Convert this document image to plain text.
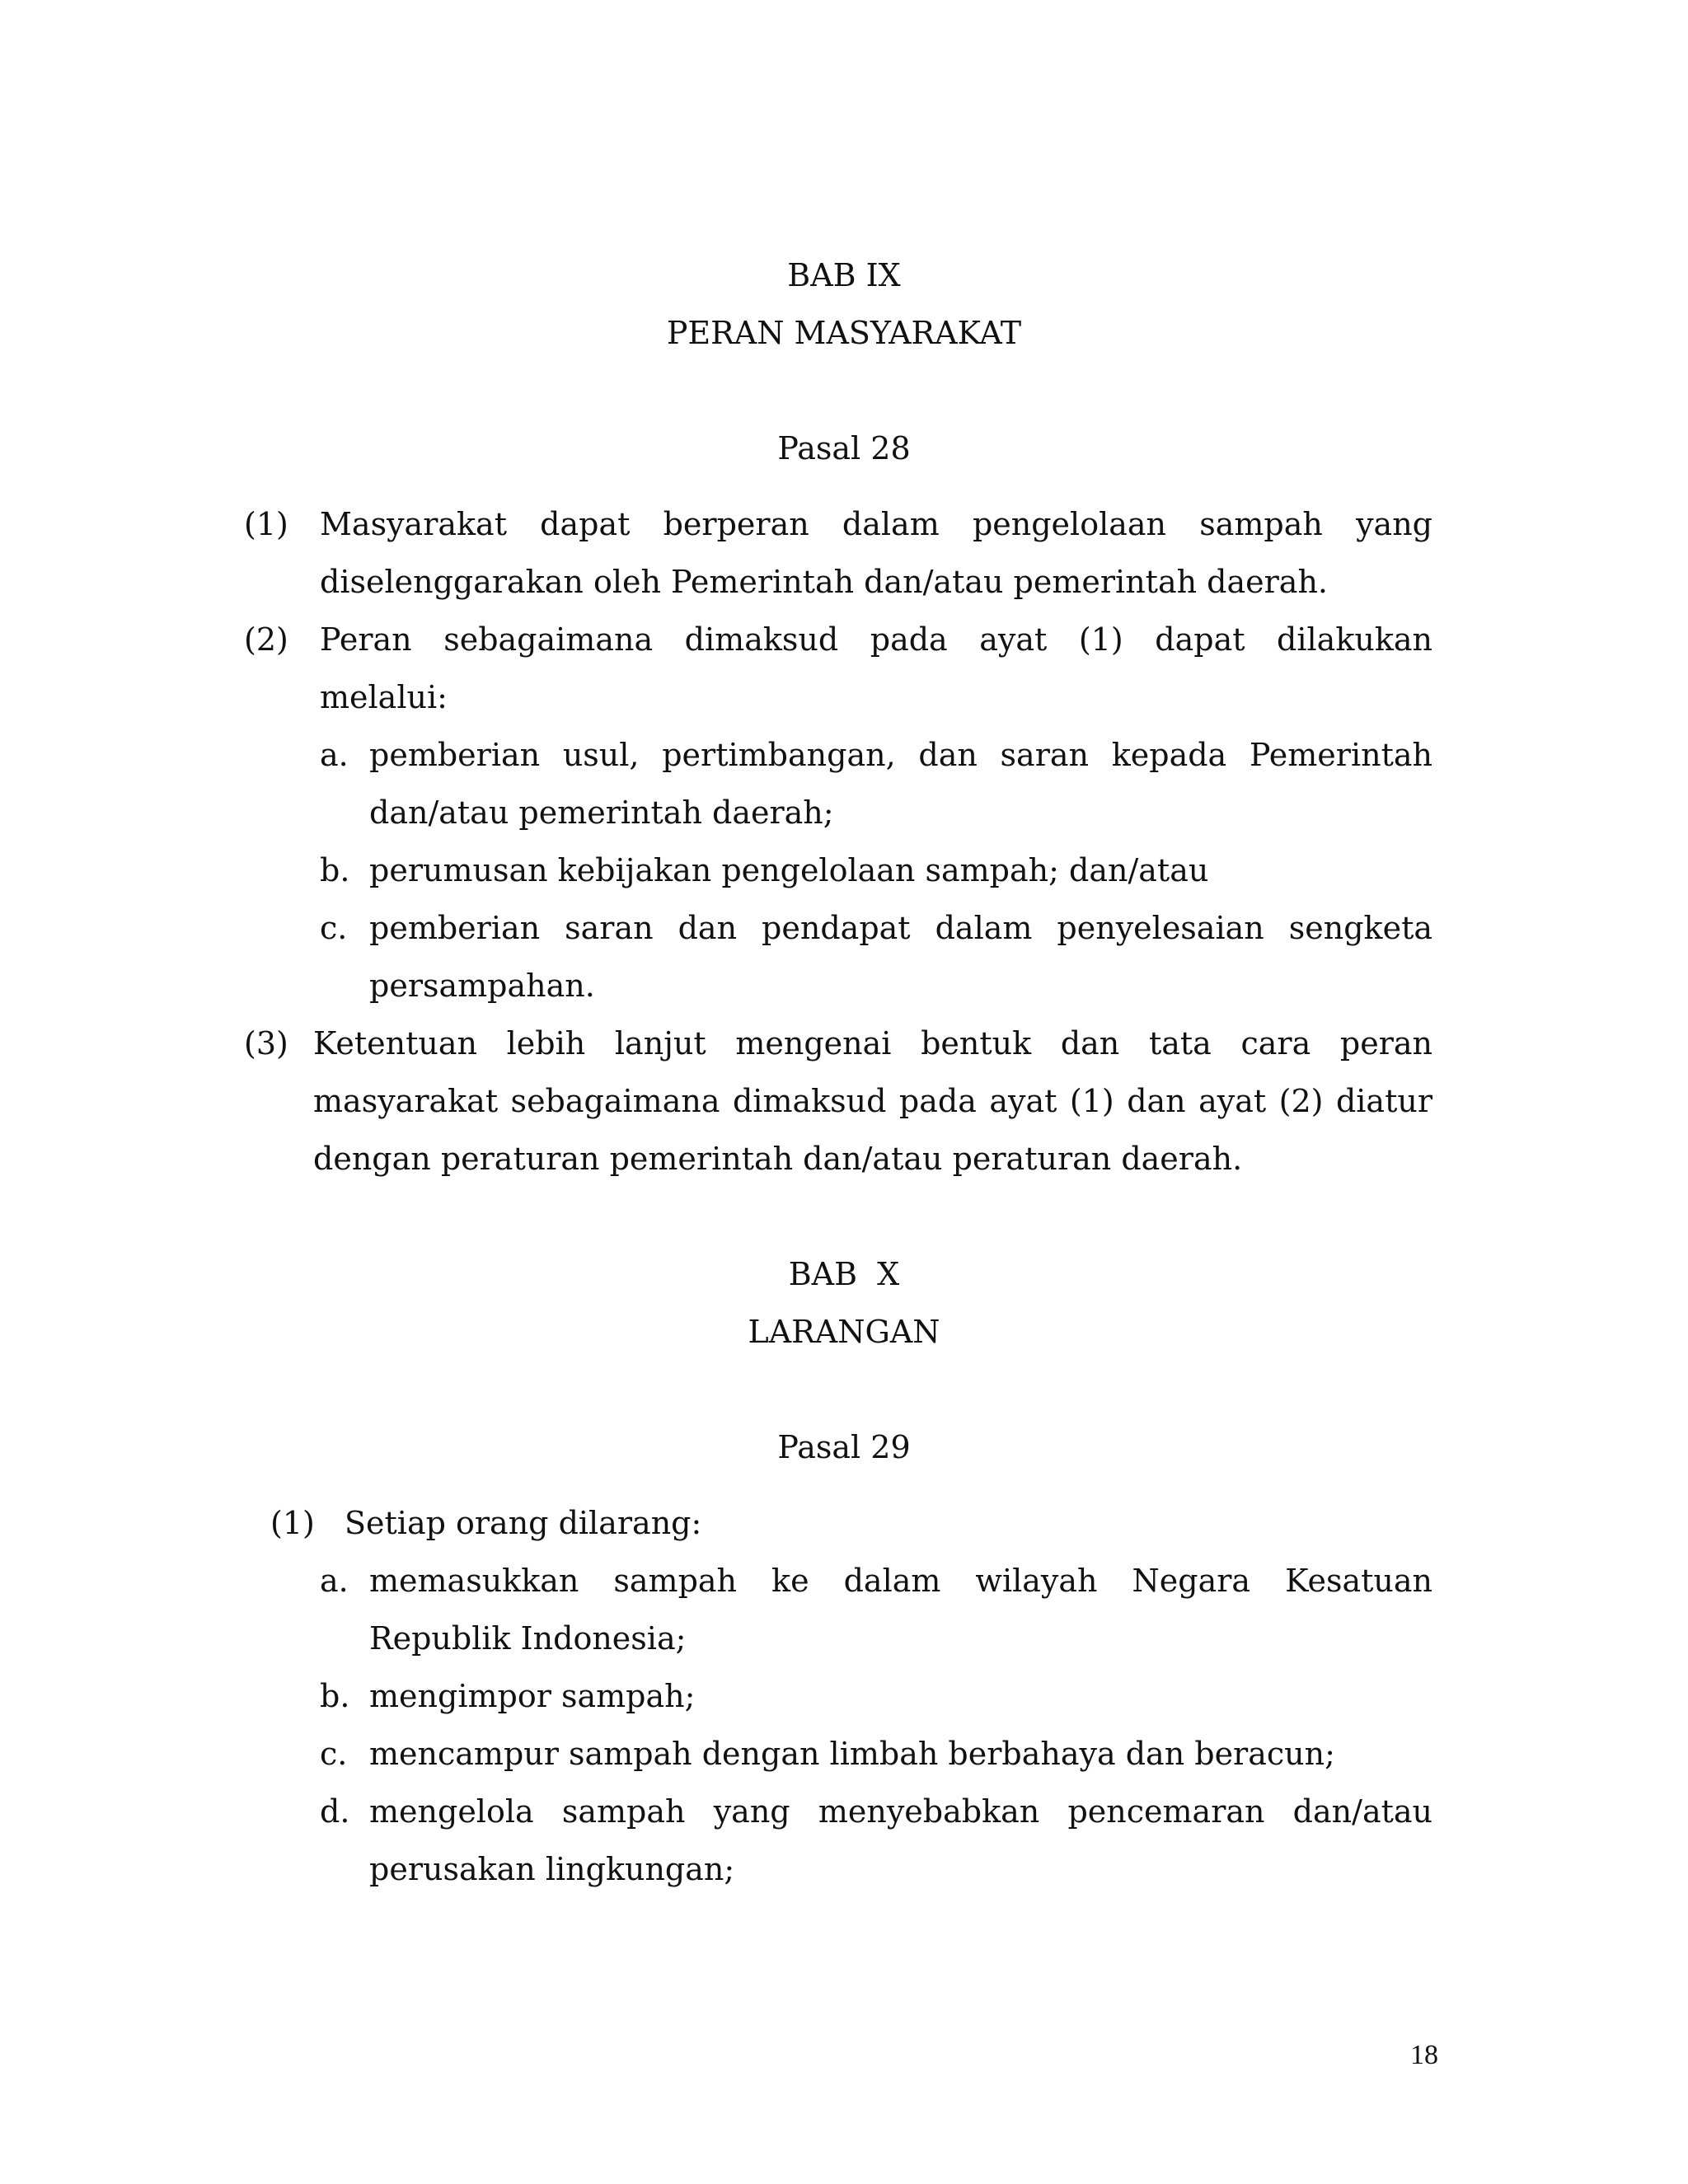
BAB IX
PERAN MASYARAKAT
Pasal 28
(1) Masyarakat dapat berperan dalam pengelolaan sampah yang
diselenggarakan oleh Pemerintah dan/atau pemerintah daerah.
(2) Peran sebagaimana dimaksud pada ayat (1) dapat dilakukan
melalui:
a. pemberian usul, pertimbangan, dan saran kepada Pemerintah
dan/atau pemerintah daerah;
b. perumusan kebijakan pengelolaan sampah; dan/atau
c. pemberian saran dan pendapat dalam penyelesaian sengketa
persampahan.
(3) Ketentuan lebih lanjut mengenai bentuk dan tata cara peran
masyarakat sebagaimana dimaksud pada ayat (1) dan ayat (2) diatur
dengan peraturan pemerintah dan/atau peraturan daerah.
BAB  X
LARANGAN
Pasal 29
(1) Setiap orang dilarang:
a. memasukkan sampah ke dalam wilayah Negara Kesatuan
Republik Indonesia;
b. mengimpor sampah;
c. mencampur sampah dengan limbah berbahaya dan beracun;
d. mengelola sampah yang menyebabkan pencemaran dan/atau
perusakan lingkungan;
18
